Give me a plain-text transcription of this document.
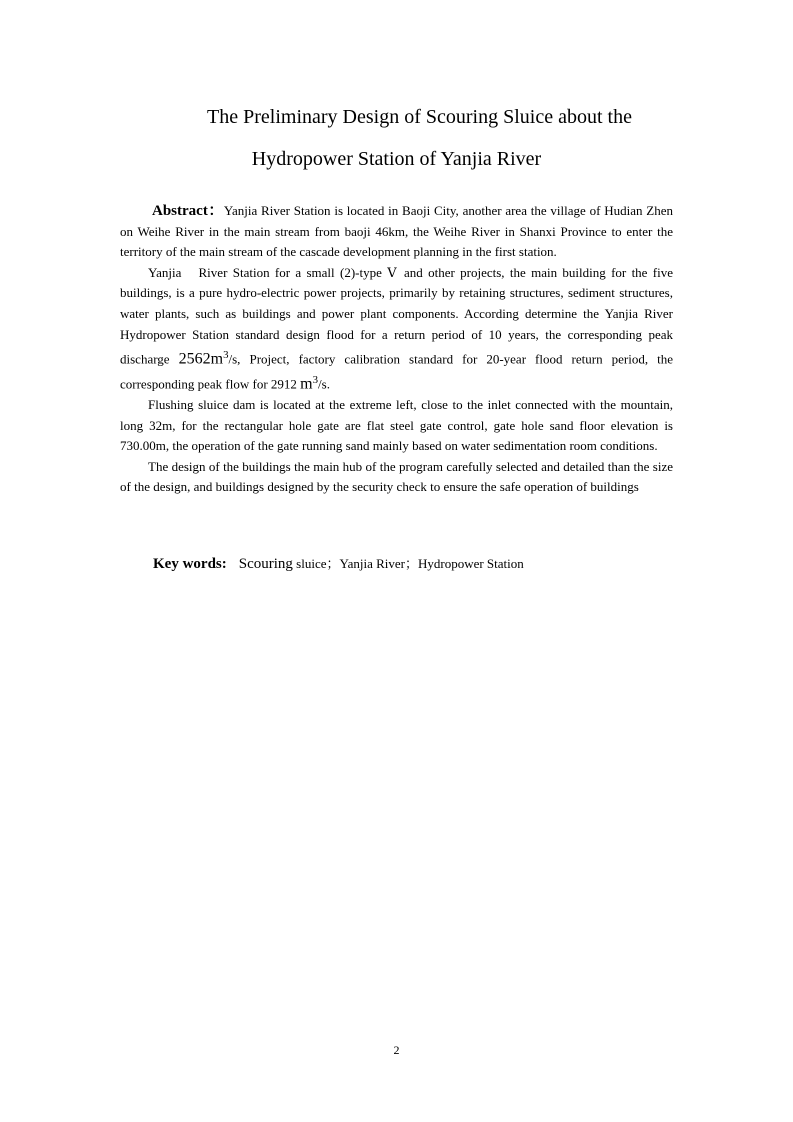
The Preliminary Design of Scouring Sluice about the
Hydropower Station of Yanjia River

Abstract：Yanjia River Station is located in Baoji City, another area the village of Hudian Zhen on Weihe River in the main stream from baoji 46km, the Weihe River in Shanxi Province to enter the territory of the main stream of the cascade development planning in the first station.

Yanjia　River Station for a small (2)-type Ⅴ and other projects, the main building for the five buildings, is a pure hydro-electric power projects, primarily by retaining structures, sediment structures, water plants, such as buildings and power plant components. According determine the Yanjia River Hydropower Station standard design flood for a return period of 10 years, the corresponding peak discharge $2562m^3/s$, Project, factory calibration standard for 20-year flood return period, the corresponding peak flow for 2912 $m^3/s$.

Flushing sluice dam is located at the extreme left, close to the inlet connected with the mountain, long 32m, for the rectangular hole gate are flat steel gate control, gate hole sand floor elevation is 730.00m, the operation of the gate running sand mainly based on water sedimentation room conditions.

The design of the buildings the main hub of the program carefully selected and detailed than the size of the design, and buildings designed by the security check to ensure the safe operation of buildings

Key words: Scouring sluice；Yanjia River；Hydropower Station
2
